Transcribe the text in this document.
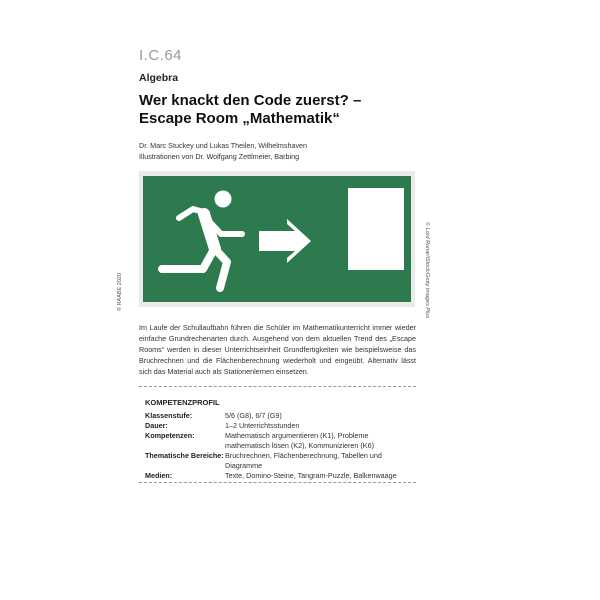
I.C.64
Algebra
Wer knackt den Code zuerst? –
Escape Room „Mathematik“
Dr. Marc Stuckey und Lukas Theilen, Wilhelmshaven
Illustrationen von Dr. Wolfgang Zettlmeier, Barbing
© RAABE 2020	© Lord Runar/iStock/Getty Images Plus
Im Laufe der Schullaufbahn führen die Schüler im Mathematikunterricht immer wieder einfache Grundrechenarten durch. Ausgehend von dem aktuellen Trend des „Escape Rooms“ werden in dieser Unterrichtseinheit Grundfertigkeiten wie beispielsweise das Bruchrechnen und die Flächenberechnung wiederholt und eingeübt. Alternativ lässt sich das Material auch als Stationenlernen einsetzen.
KOMPETENZPROFIL
Klassenstufe:	5/6 (G8), 6/7 (G9)
Dauer:	1–2 Unterrichtsstunden
Kompetenzen:	Mathematisch argumentieren (K1), Probleme mathematisch lösen (K2), Kommunizieren (K6)
Thematische Bereiche:	Bruchrechnen, Flächenberechnung, Tabellen und Diagramme
Medien:	Texte, Domino-Steine, Tangram-Puzzle, Balkenwaage
